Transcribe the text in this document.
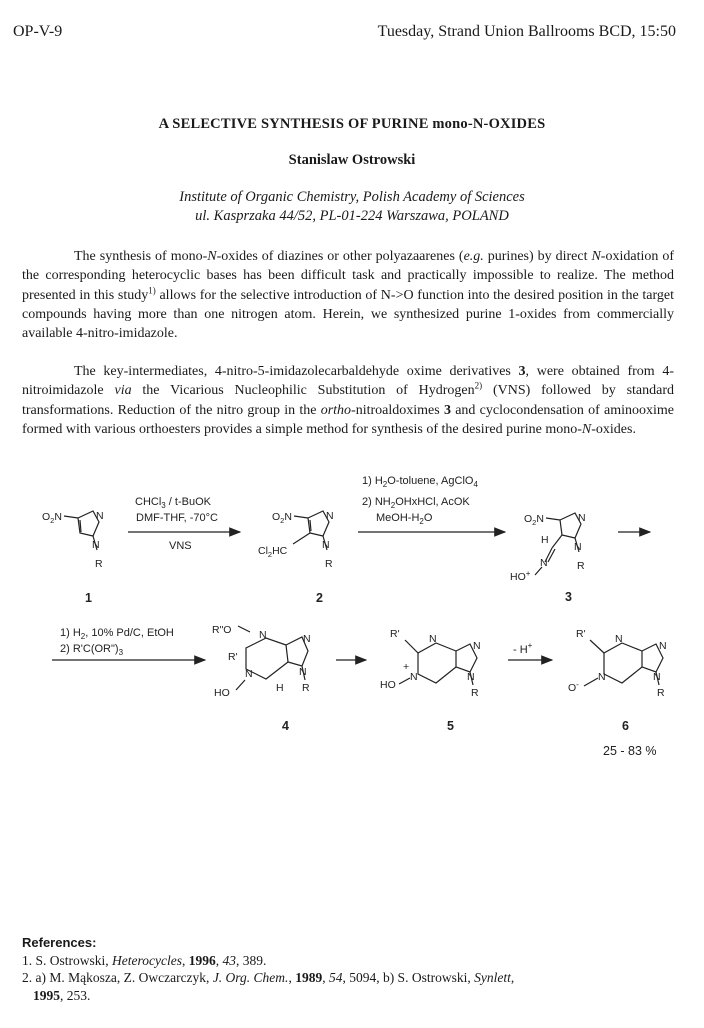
OP-V-9	Tuesday, Strand Union Ballrooms BCD, 15:50
A SELECTIVE SYNTHESIS OF PURINE mono-N-OXIDES
Stanislaw Ostrowski
Institute of Organic Chemistry, Polish Academy of Sciences
ul. Kasprzaka 44/52, PL-01-224 Warszawa, POLAND
The synthesis of mono-N-oxides of diazines or other polyazaarenes (e.g. purines) by direct N-oxidation of the corresponding heterocyclic bases has been difficult task and practically impossible to realize. The method presented in this study$^{1)}$ allows for the selective introduction of N->O function into the desired position in the target compounds having more than one nitrogen atom. Herein, we synthesized purine 1-oxides from commercially available 4-nitro-imidazole.
The key-intermediates, 4-nitro-5-imidazolecarbaldehyde oxime derivatives 3, were obtained from 4-nitroimidazole via the Vicarious Nucleophilic Substitution of Hydrogen$^{2)}$ (VNS) followed by standard transformations. Reduction of the nitro group in the ortho-nitroaldoximes 3 and cyclocondensation of aminooxime formed with various orthoesters provides a simple method for synthesis of the desired purine mono-N-oxides.
CHCl$_3$ / t-BuOK
DMF-THF, -70°C
VNS
1) $H_2O$-toluene, AgClO$_4$
2) $NH_2OHxHCl$, AcOK
MeOH-$H_2O$
1) $H_2$, 10% Pd/C, EtOH
2) $R'C(OR")_3$	- H+
$O_2N$	N
N
R
$O_2N$	N
N
R
$Cl_2HC$
$O_2N$	N
N
R
H
N
HO+
R"O
R'
N	N
N
R
N
HO	H
R'	N
N
N
R
N
+
HO
R'	N
N
N
R
N
O-
1	2	3
4	5	6
25 - 83 %
References:
1. S. Ostrowski, Heterocycles, 1996, 43, 389.
2. a) M. Mąkosza, Z. Owczarczyk, J. Org. Chem., 1989, 54, 5094, b) S. Ostrowski, Synlett,
1995, 253.
